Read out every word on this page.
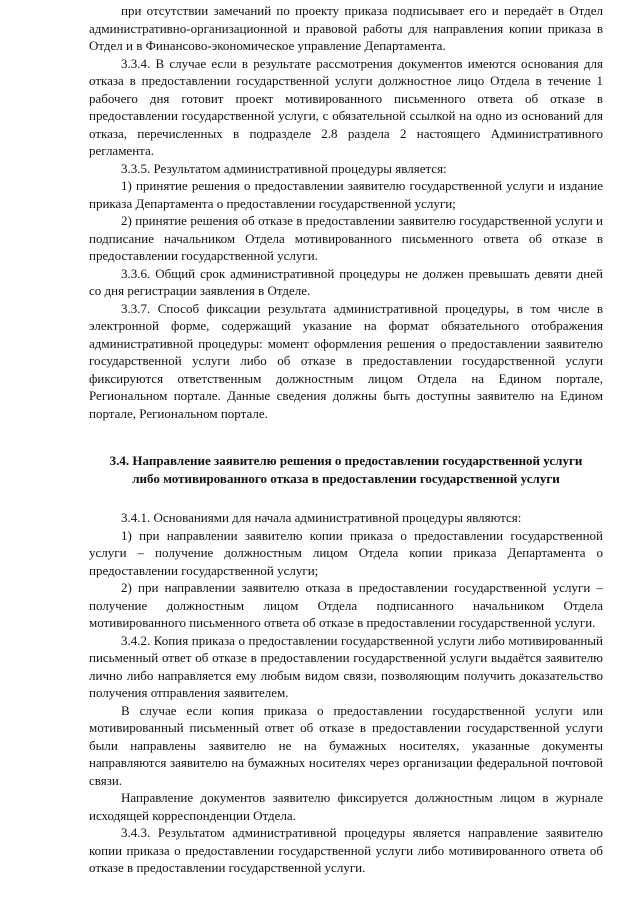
при отсутствии замечаний по проекту приказа подписывает его и передаёт в Отдел административно-организационной и правовой работы для направления копии приказа в Отдел и в Финансово-экономическое управление Департамента.

3.3.4. В случае если в результате рассмотрения документов имеются основания для отказа в предоставлении государственной услуги должностное лицо Отдела в течение 1 рабочего дня готовит проект мотивированного письменного ответа об отказе в предоставлении государственной услуги, с обязательной ссылкой на одно из оснований для отказа, перечисленных в подразделе 2.8 раздела 2 настоящего Административного регламента.

3.3.5. Результатом административной процедуры является:

1) принятие решения о предоставлении заявителю государственной услуги и издание приказа Департамента о предоставлении государственной услуги;

2) принятие решения об отказе в предоставлении заявителю государственной услуги и подписание начальником Отдела мотивированного письменного ответа об отказе в предоставлении государственной услуги.

3.3.6. Общий срок административной процедуры не должен превышать девяти дней со дня регистрации заявления в Отделе.

3.3.7. Способ фиксации результата административной процедуры, в том числе в электронной форме, содержащий указание на формат обязательного отображения административной процедуры: момент оформления решения о предоставлении заявителю государственной услуги либо об отказе в предоставлении государственной услуги фиксируются ответственным должностным лицом Отдела на Едином портале, Региональном портале. Данные сведения должны быть доступны заявителю на Едином портале, Региональном портале.

3.4. Направление заявителю решения о предоставлении государственной услуги

либо мотивированного отказа в предоставлении государственной услуги

3.4.1. Основаниями для начала административной процедуры являются:

1) при направлении заявителю копии приказа о предоставлении государственной услуги – получение должностным лицом Отдела копии приказа Департамента о предоставлении государственной услуги;

2) при направлении заявителю отказа в предоставлении государственной услуги – получение должностным лицом Отдела подписанного начальником Отдела мотивированного письменного ответа об отказе в предоставлении государственной услуги.

3.4.2. Копия приказа о предоставлении государственной услуги либо мотивированный письменный ответ об отказе в предоставлении государственной услуги выдаётся заявителю лично либо направляется ему любым видом связи, позволяющим получить доказательство получения отправления заявителем.

В случае если копия приказа о предоставлении государственной услуги или мотивированный письменный ответ об отказе в предоставлении государственной услуги были направлены заявителю не на бумажных носителях, указанные документы направляются заявителю на бумажных носителях через организации федеральной почтовой связи.

Направление документов заявителю фиксируется должностным лицом в журнале исходящей корреспонденции Отдела.

3.4.3. Результатом административной процедуры является направление заявителю копии приказа о предоставлении государственной услуги либо мотивированного ответа об отказе в предоставлении государственной услуги.
